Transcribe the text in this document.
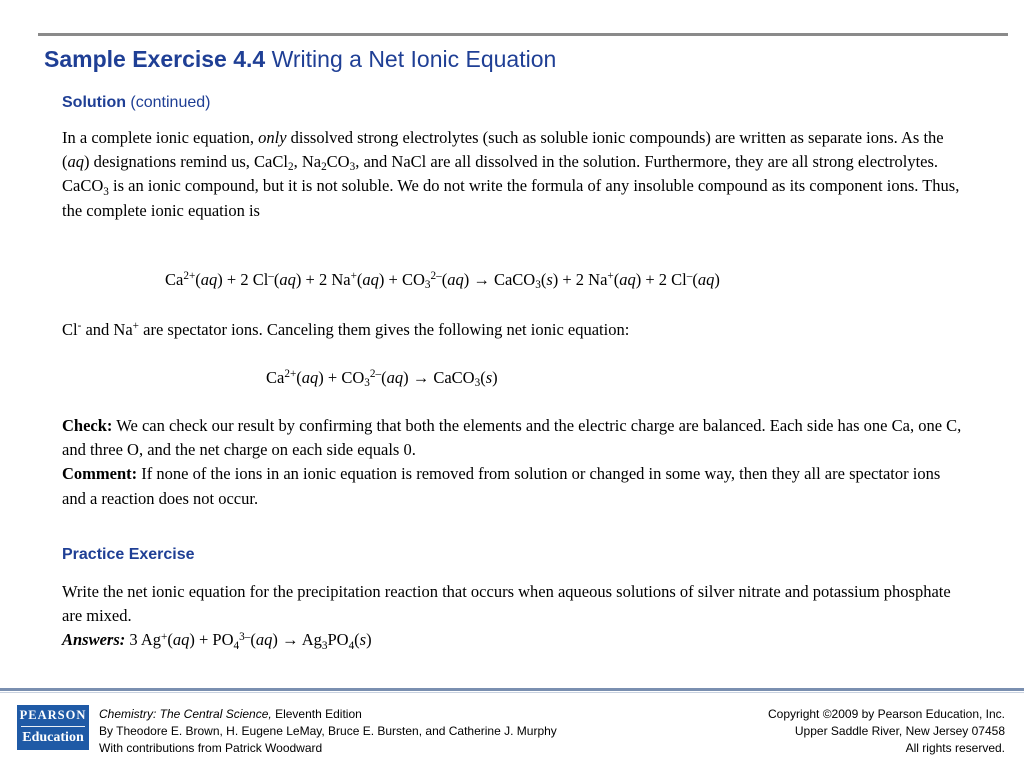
Sample Exercise 4.4 Writing a Net Ionic Equation
Solution (continued)
In a complete ionic equation, only dissolved strong electrolytes (such as soluble ionic compounds) are written as separate ions. As the (aq) designations remind us, CaCl$_2$, $Na_2CO_3$, and NaCl are all dissolved in the solution. Furthermore, they are all strong electrolytes. CaCO$_3$ is an ionic compound, but it is not soluble. We do not write the formula of any insoluble compound as its component ions. Thus, the complete ionic equation is
$Ca^{2+}(aq) + 2$ Cl–(aq) + 2 $Na^+(aq) + CO_3^{2-}(aq)$ → CaCO$_3$(s) + 2 Na+(aq) + 2 Cl–(aq)
Cl- and Na+ are spectator ions. Canceling them gives the following net ionic equation:
$Ca^{2+}(aq) + CO_3^{2-}(aq)$ → CaCO$_3$(s)
Check: We can check our result by confirming that both the elements and the electric charge are balanced. Each side has one Ca, one C, and three O, and the net charge on each side equals 0.
Comment: If none of the ions in an ionic equation is removed from solution or changed in some way, then they all are spectator ions and a reaction does not occur.
Practice Exercise
Write the net ionic equation for the precipitation reaction that occurs when aqueous solutions of silver nitrate and potassium phosphate are mixed.
Answers: 3 $Ag^+(aq) + PO_4^{3-}(aq) \to Ag_3PO_4(s)$
PEARSON
Education
Chemistry: The Central Science, Eleventh Edition
By Theodore E. Brown, H. Eugene LeMay, Bruce E. Bursten, and Catherine J. Murphy
With contributions from Patrick Woodward
Copyright ©2009 by Pearson Education, Inc.
Upper Saddle River, New Jersey 07458
All rights reserved.
